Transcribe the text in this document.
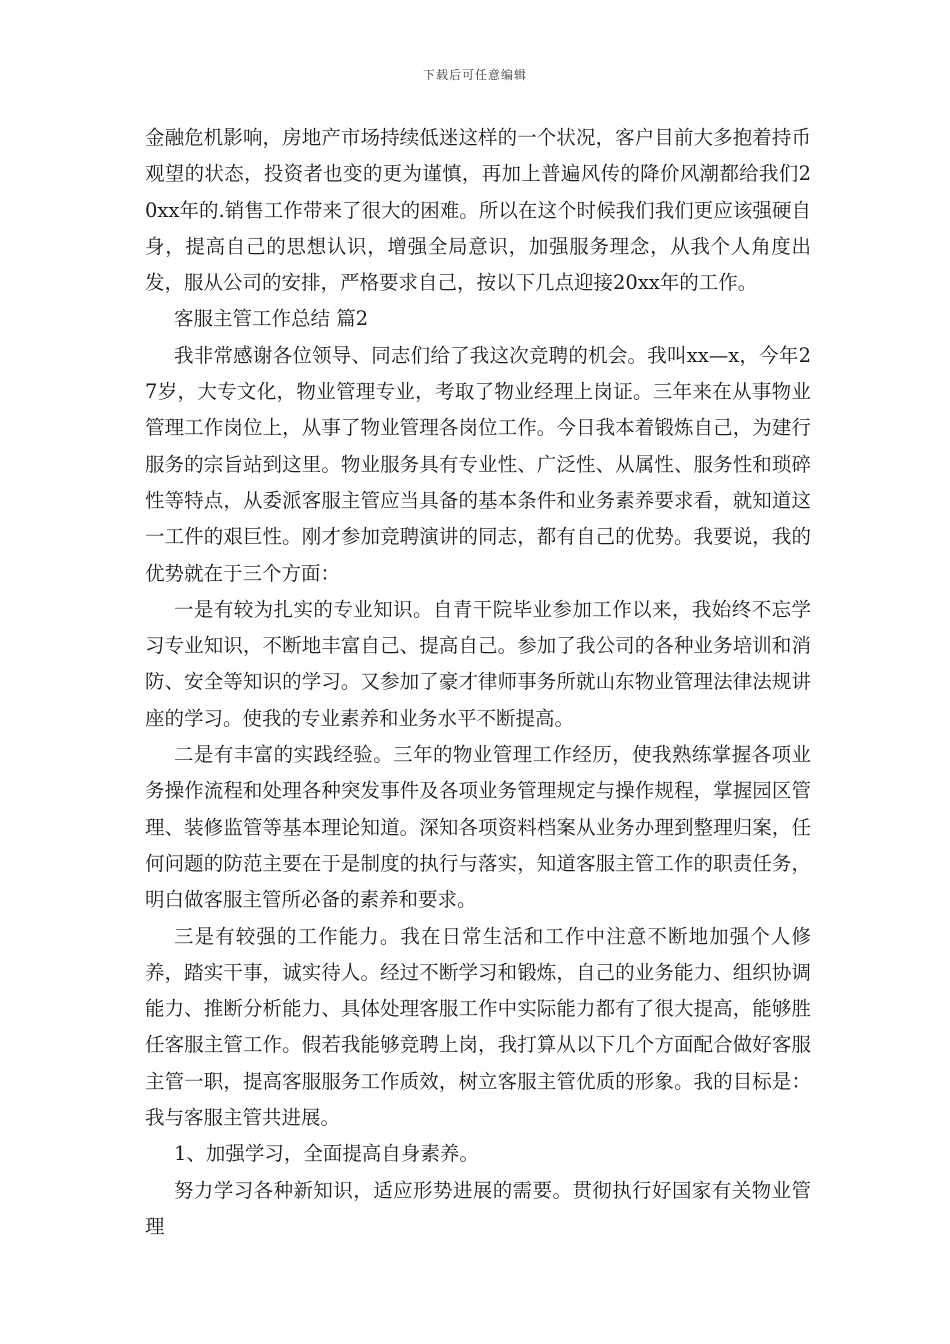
下载后可任意编辑

金融危机影响，房地产市场持续低迷这样的一个状况，客户目前大多抱着持币观望的状态，投资者也变的更为谨慎，再加上普遍风传的降价风潮都给我们20xx年的.销售工作带来了很大的困难。所以在这个时候我们我们更应该强硬自身，提高自己的思想认识，增强全局意识，加强服务理念，从我个人角度出发，服从公司的安排，严格要求自己，按以下几点迎接20xx年的工作。

客服主管工作总结 篇2

我非常感谢各位领导、同志们给了我这次竞聘的机会。我叫xx—x，今年27岁，大专文化，物业管理专业，考取了物业经理上岗证。三年来在从事物业管理工作岗位上，从事了物业管理各岗位工作。今日我本着锻炼自己，为建行服务的宗旨站到这里。物业服务具有专业性、广泛性、从属性、服务性和琐碎性等特点，从委派客服主管应当具备的基本条件和业务素养要求看，就知道这一工件的艰巨性。刚才参加竞聘演讲的同志，都有自己的优势。我要说，我的优势就在于三个方面：

一是有较为扎实的专业知识。自青干院毕业参加工作以来，我始终不忘学习专业知识，不断地丰富自己、提高自己。参加了我公司的各种业务培训和消防、安全等知识的学习。又参加了豪才律师事务所就山东物业管理法律法规讲座的学习。使我的专业素养和业务水平不断提高。

二是有丰富的实践经验。三年的物业管理工作经历，使我熟练掌握各项业务操作流程和处理各种突发事件及各项业务管理规定与操作规程，掌握园区管理、装修监管等基本理论知道。深知各项资料档案从业务办理到整理归案，任何问题的防范主要在于是制度的执行与落实，知道客服主管工作的职责任务，明白做客服主管所必备的素养和要求。

三是有较强的工作能力。我在日常生活和工作中注意不断地加强个人修养，踏实干事，诚实待人。经过不断学习和锻炼，自己的业务能力、组织协调能力、推断分析能力、具体处理客服工作中实际能力都有了很大提高，能够胜任客服主管工作。假若我能够竞聘上岗，我打算从以下几个方面配合做好客服主管一职，提高客服服务工作质效，树立客服主管优质的形象。我的目标是：我与客服主管共进展。

1、加强学习，全面提高自身素养。

努力学习各种新知识，适应形势进展的需要。贯彻执行好国家有关物业管理
